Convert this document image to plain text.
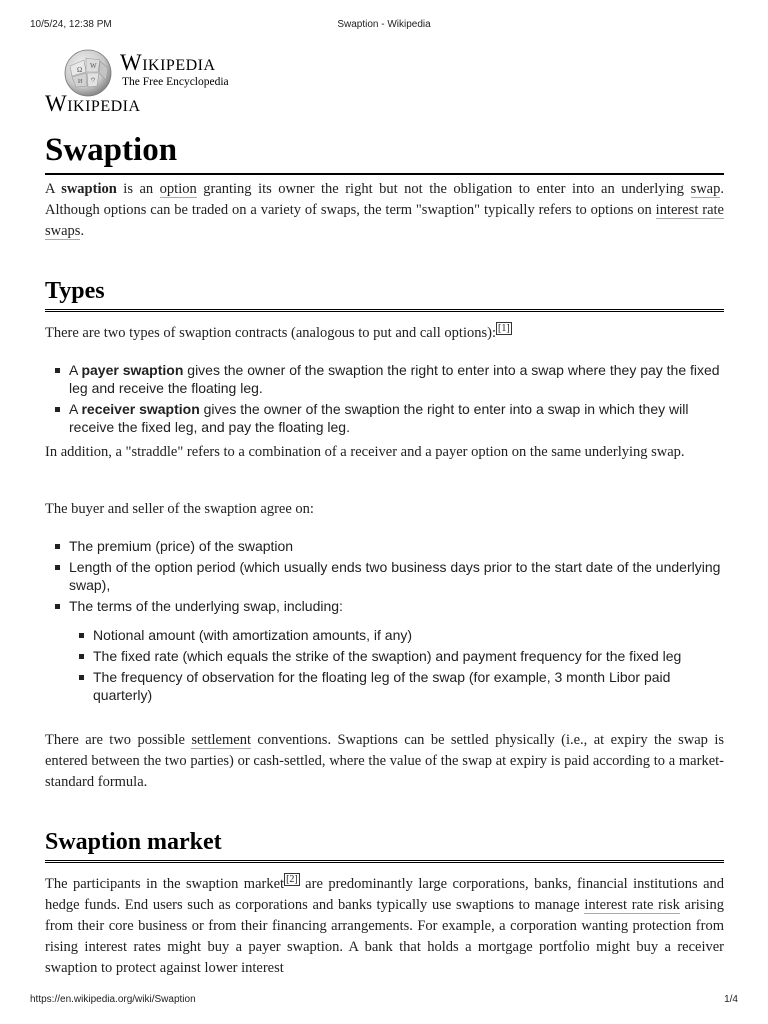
10/5/24, 12:38 PM	Swaption - Wikipedia
Ω W
И ウ
Wikipedia
The Free Encyclopedia
Wikipedia
Swaption

A swaption is an option granting its owner the right but not the obligation to enter into an underlying swap. Although options can be traded on a variety of swaps, the term "swaption" typically refers to options on interest rate swaps.

Types

There are two types of swaption contracts (analogous to put and call options): [1]

A payer swaption gives the owner of the swaption the right to enter into a swap where they pay the fixed leg and receive the floating leg.
A receiver swaption gives the owner of the swaption the right to enter into a swap in which they will receive the fixed leg, and pay the floating leg.

In addition, a "straddle" refers to a combination of a receiver and a payer option on the same underlying swap.

The buyer and seller of the swaption agree on:

The premium (price) of the swaption
Length of the option period (which usually ends two business days prior to the start date of the underlying swap),
The terms of the underlying swap, including:
Notional amount (with amortization amounts, if any)
The fixed rate (which equals the strike of the swaption) and payment frequency for the fixed leg
The frequency of observation for the floating leg of the swap (for example, 3 month Libor paid quarterly)

There are two possible settlement conventions. Swaptions can be settled physically (i.e., at expiry the swap is entered between the two parties) or cash-settled, where the value of the swap at expiry is paid according to a market-standard formula.

Swaption market

The participants in the swaption market [2] are predominantly large corporations, banks, financial institutions and hedge funds. End users such as corporations and banks typically use swaptions to manage interest rate risk arising from their core business or from their financing arrangements. For example, a corporation wanting protection from rising interest rates might buy a payer swaption. A bank that holds a mortgage portfolio might buy a receiver swaption to protect against lower interest

https://en.wikipedia.org/wiki/Swaption	1/4
